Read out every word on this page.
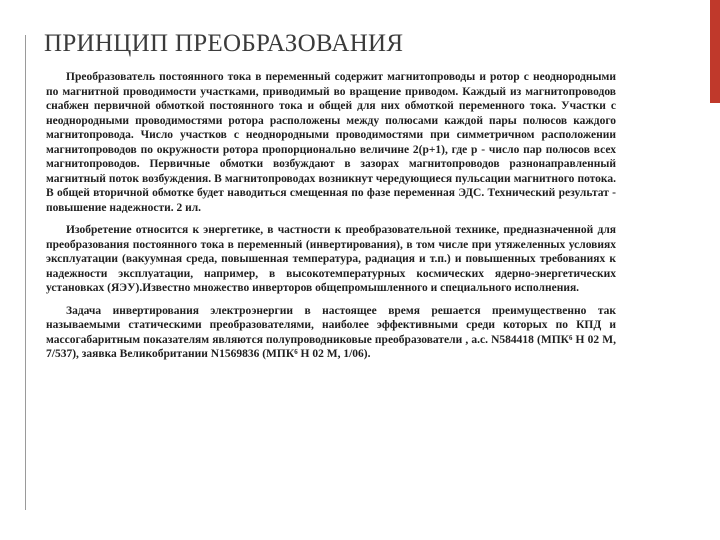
ПРИНЦИП ПРЕОБРАЗОВАНИЯ

Преобразователь постоянного тока в переменный содержит магнитопроводы и ротор с неоднородными по магнитной проводимости участками, приводимый во вращение приводом. Каждый из магнитопроводов снабжен первичной обмоткой постоянного тока и общей для них обмоткой переменного тока. Участки с неоднородными проводимостями ротора расположены между полюсами каждой пары полюсов каждого магнитопровода. Число участков с неоднородными проводимостями при симметричном расположении магнитопроводов по окружности ротора пропорционально величине 2(р+1), где р - число пар полюсов всех магнитопроводов. Первичные обмотки возбуждают в зазорах магнитопроводов разнонаправленный магнитный поток возбуждения. В магнитопроводах возникнут чередующиеся пульсации магнитного потока. В общей вторичной обмотке будет наводиться смещенная по фазе переменная ЭДС. Технический результат - повышение надежности. 2 ил.

Изобретение относится к энергетике, в частности к преобразовательной технике, предназначенной для преобразования постоянного тока в переменный (инвертирования), в том числе при утяжеленных условиях эксплуатации (вакуумная среда, повышенная температура, радиация и т.п.) и повышенных требованиях к надежности эксплуатации, например, в высокотемпературных космических ядерно-энергетических установках (ЯЭУ).Известно множество инверторов общепромышленного и специального исполнения.

Задача инвертирования электроэнергии в настоящее время решается преимущественно так называемыми статическими преобразователями, наиболее эффективными среди которых по КПД и массогабаритным показателям являются полупроводниковые преобразователи , а.с. N584418 (МПК⁶ Н 02 М, 7/537), заявка Великобритании N1569836 (МПК⁶ Н 02 М, 1/06).
